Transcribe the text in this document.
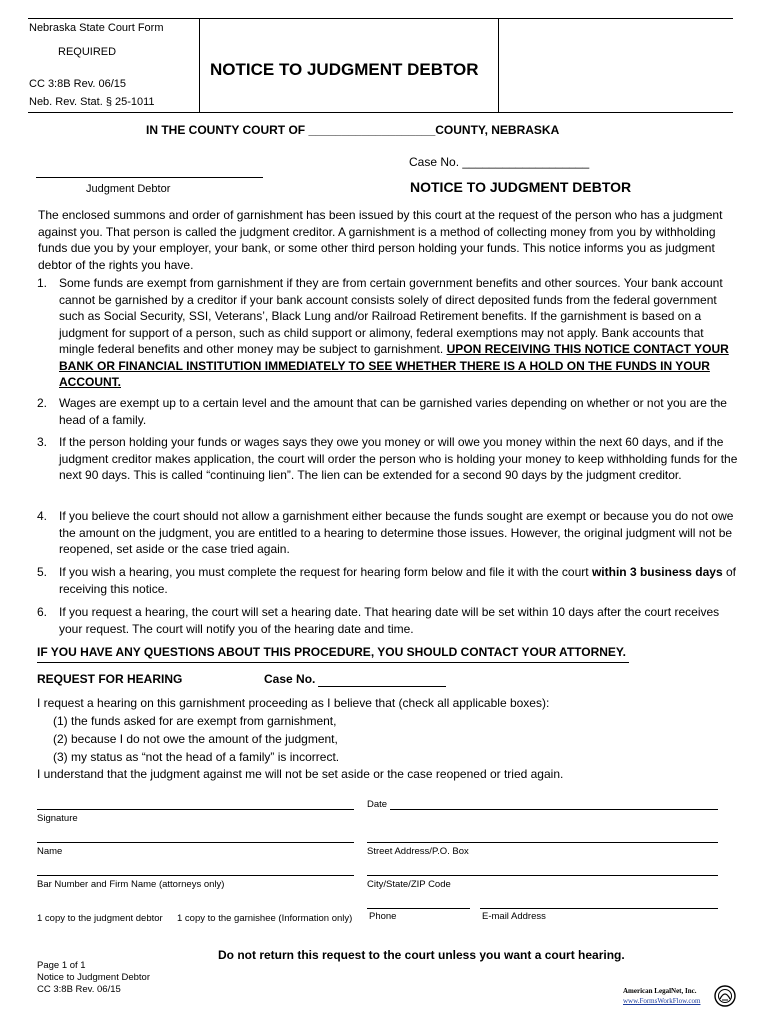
Nebraska State Court Form
REQUIRED
CC 3:8B Rev. 06/15
Neb. Rev. Stat. § 25-1011
NOTICE TO JUDGMENT DEBTOR
IN THE COUNTY COURT OF ___________________COUNTY, NEBRASKA
Case No. ___________________
Judgment Debtor	NOTICE TO JUDGMENT DEBTOR
The enclosed summons and order of garnishment has been issued by this court at the request of the person who has a judgment against you. That person is called the judgment creditor. A garnishment is a method of collecting money from you by withholding funds due you by your employer, your bank, or some other third person holding your funds. This notice informs you as judgment debtor of the rights you have.
1. Some funds are exempt from garnishment if they are from certain government benefits and other sources. Your bank account cannot be garnished by a creditor if your bank account consists solely of direct deposited funds from the federal government such as Social Security, SSI, Veterans’, Black Lung and/or Railroad Retirement benefits. If the garnishment is based on a judgment for support of a person, such as child support or alimony, federal exemptions may not apply. Bank accounts that mingle federal benefits and other money may be subject to garnishment. UPON RECEIVING THIS NOTICE CONTACT YOUR BANK OR FINANCIAL INSTITUTION IMMEDIATELY TO SEE WHETHER THERE IS A HOLD ON THE FUNDS IN YOUR ACCOUNT.
2. Wages are exempt up to a certain level and the amount that can be garnished varies depending on whether or not you are the head of a family.
3. If the person holding your funds or wages says they owe you money or will owe you money within the next 60 days, and if the judgment creditor makes application, the court will order the person who is holding your money to keep withholding funds for the next 90 days. This is called “continuing lien”. The lien can be extended for a second 90 days by the judgment creditor.
4. If you believe the court should not allow a garnishment either because the funds sought are exempt or because you do not owe the amount on the judgment, you are entitled to a hearing to determine those issues. However, the original judgment will not be reopened, set aside or the case tried again.
5. If you wish a hearing, you must complete the request for hearing form below and file it with the court within 3 business days of receiving this notice.
6. If you request a hearing, the court will set a hearing date. That hearing date will be set within 10 days after the court receives your request. The court will notify you of the hearing date and time.
IF YOU HAVE ANY QUESTIONS ABOUT THIS PROCEDURE, YOU SHOULD CONTACT YOUR ATTORNEY.
REQUEST FOR HEARING	Case No.
I request a hearing on this garnishment proceeding as I believe that (check all applicable boxes):
(1) the funds asked for are exempt from garnishment,
(2) because I do not owe the amount of the judgment,
(3) my status as “not the head of a family” is incorrect.
I understand that the judgment against me will not be set aside or the case reopened or tried again.
Date
Signature
Name	Street Address/P.O. Box
Bar Number and Firm Name (attorneys only)	City/State/ZIP Code
1 copy to the judgment debtor 1 copy to the garnishee (Information only) Phone	E-mail Address
Do not return this request to the court unless you want a court hearing.
Page 1 of 1
Notice to Judgment Debtor
CC 3:8B Rev. 06/15	American LegalNet, Inc.
www.FormsWorkFlow.com
